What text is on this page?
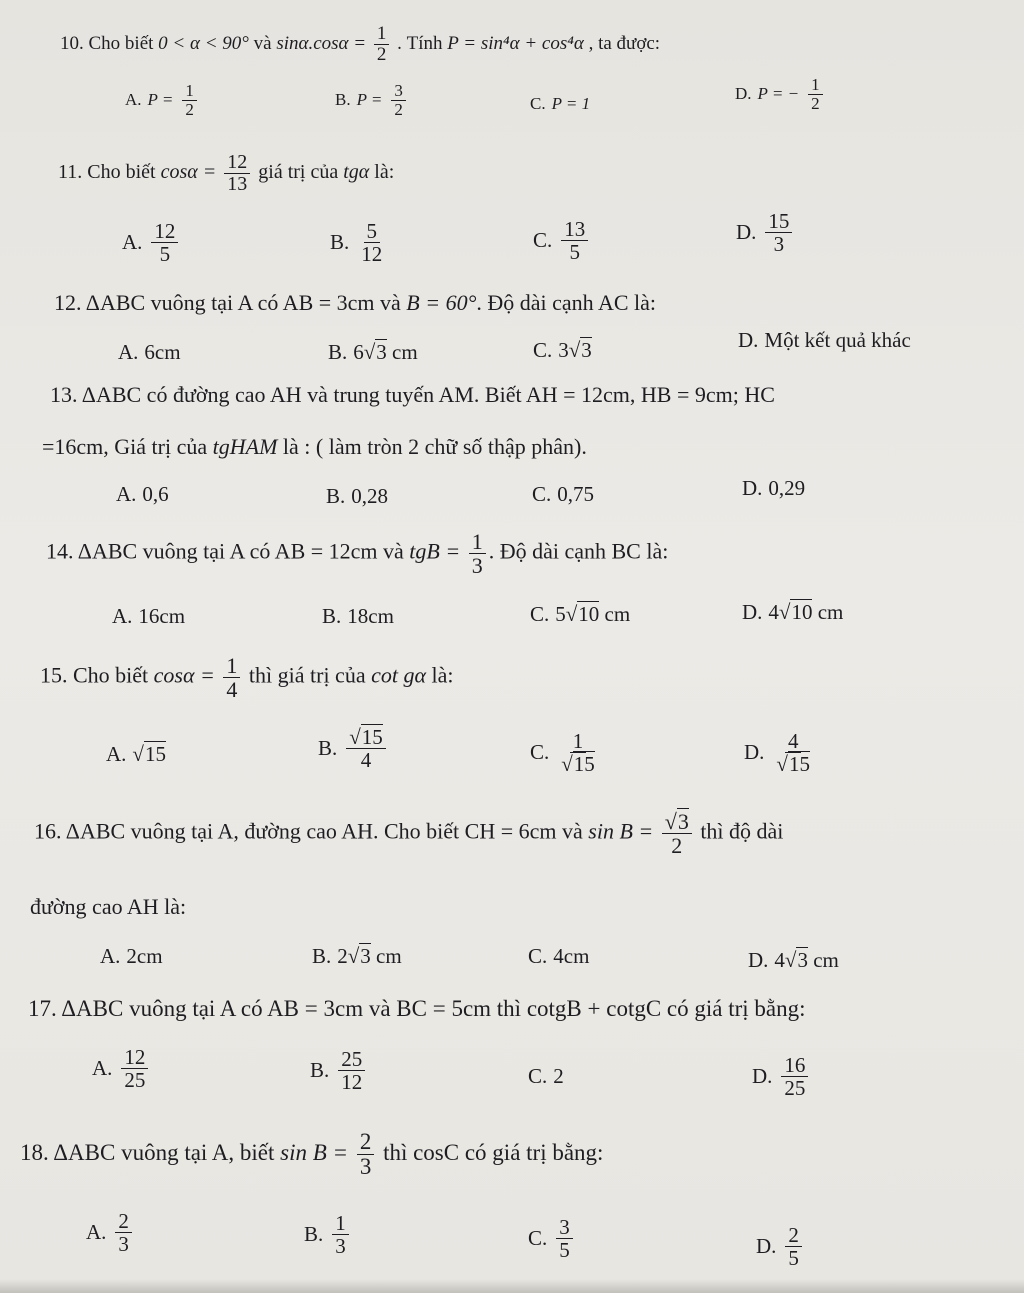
10. Cho biết 0 < α < 90° và $\sin\alpha.\cos\alpha = \frac{1}{2}$ . Tính P = sin⁴α + cos⁴α , ta được:
A. $P = \frac{1}{2}$	B. $P = \frac{3}{2}$	C. P = 1
D. P = − $\frac{1}{2}$
11. Cho biết $\cos\alpha = \frac{12}{13}$ giá trị của tgα là:
A. $\frac{12}{5}$	B. $\frac{5}{12}$	C. $\frac{13}{5}$	D. $\frac{15}{3}$
12. ΔABC vuông tại A có AB = 3cm và B = 60°. Độ dài cạnh AC là:
A. 6cm	B. 6√3 cm	C. 3√3	D. Một kết quả khác
13. ΔABC có đường cao AH và trung tuyến AM. Biết AH = 12cm, HB = 9cm; HC
=16cm, Giá trị của tgHAM là : ( làm tròn 2 chữ số thập phân).
A. 0,6	B. 0,28	C. 0,75	D. 0,29
14. ΔABC vuông tại A có AB = 12cm và tgB = $\frac{1}{3}$ . Độ dài cạnh BC là:
A. 16cm	B. 18cm	C. 5√10 cm	D. 4√10 cm
15. Cho biết $\cos\alpha = \frac{1}{4}$ thì giá trị của cot gα là:
A. √15	B. $\frac{√15}{4}$	C. $\frac{1}{√15}$	D. $\frac{4}{√15}$
16. ΔABC vuông tại A, đường cao AH. Cho biết CH = 6cm và $\sin B = \frac{√3}{2}$ thì độ dài
đường cao AH là:
A. 2cm	B. 2√3 cm	C. 4cm	D. 4√3 cm
17. ΔABC vuông tại A có AB = 3cm và BC = 5cm thì cotgB + cotgC có giá trị bằng:
A. $\frac{12}{25}$	B. $\frac{25}{12}$	C. 2	D. $\frac{16}{25}$
18. ΔABC vuông tại A, biết $\sin B = \frac{2}{3}$ thì cosC có giá trị bằng:
A. $\frac{2}{3}$	B. $\frac{1}{3}$	C. $\frac{3}{5}$	D. $\frac{2}{5}$
